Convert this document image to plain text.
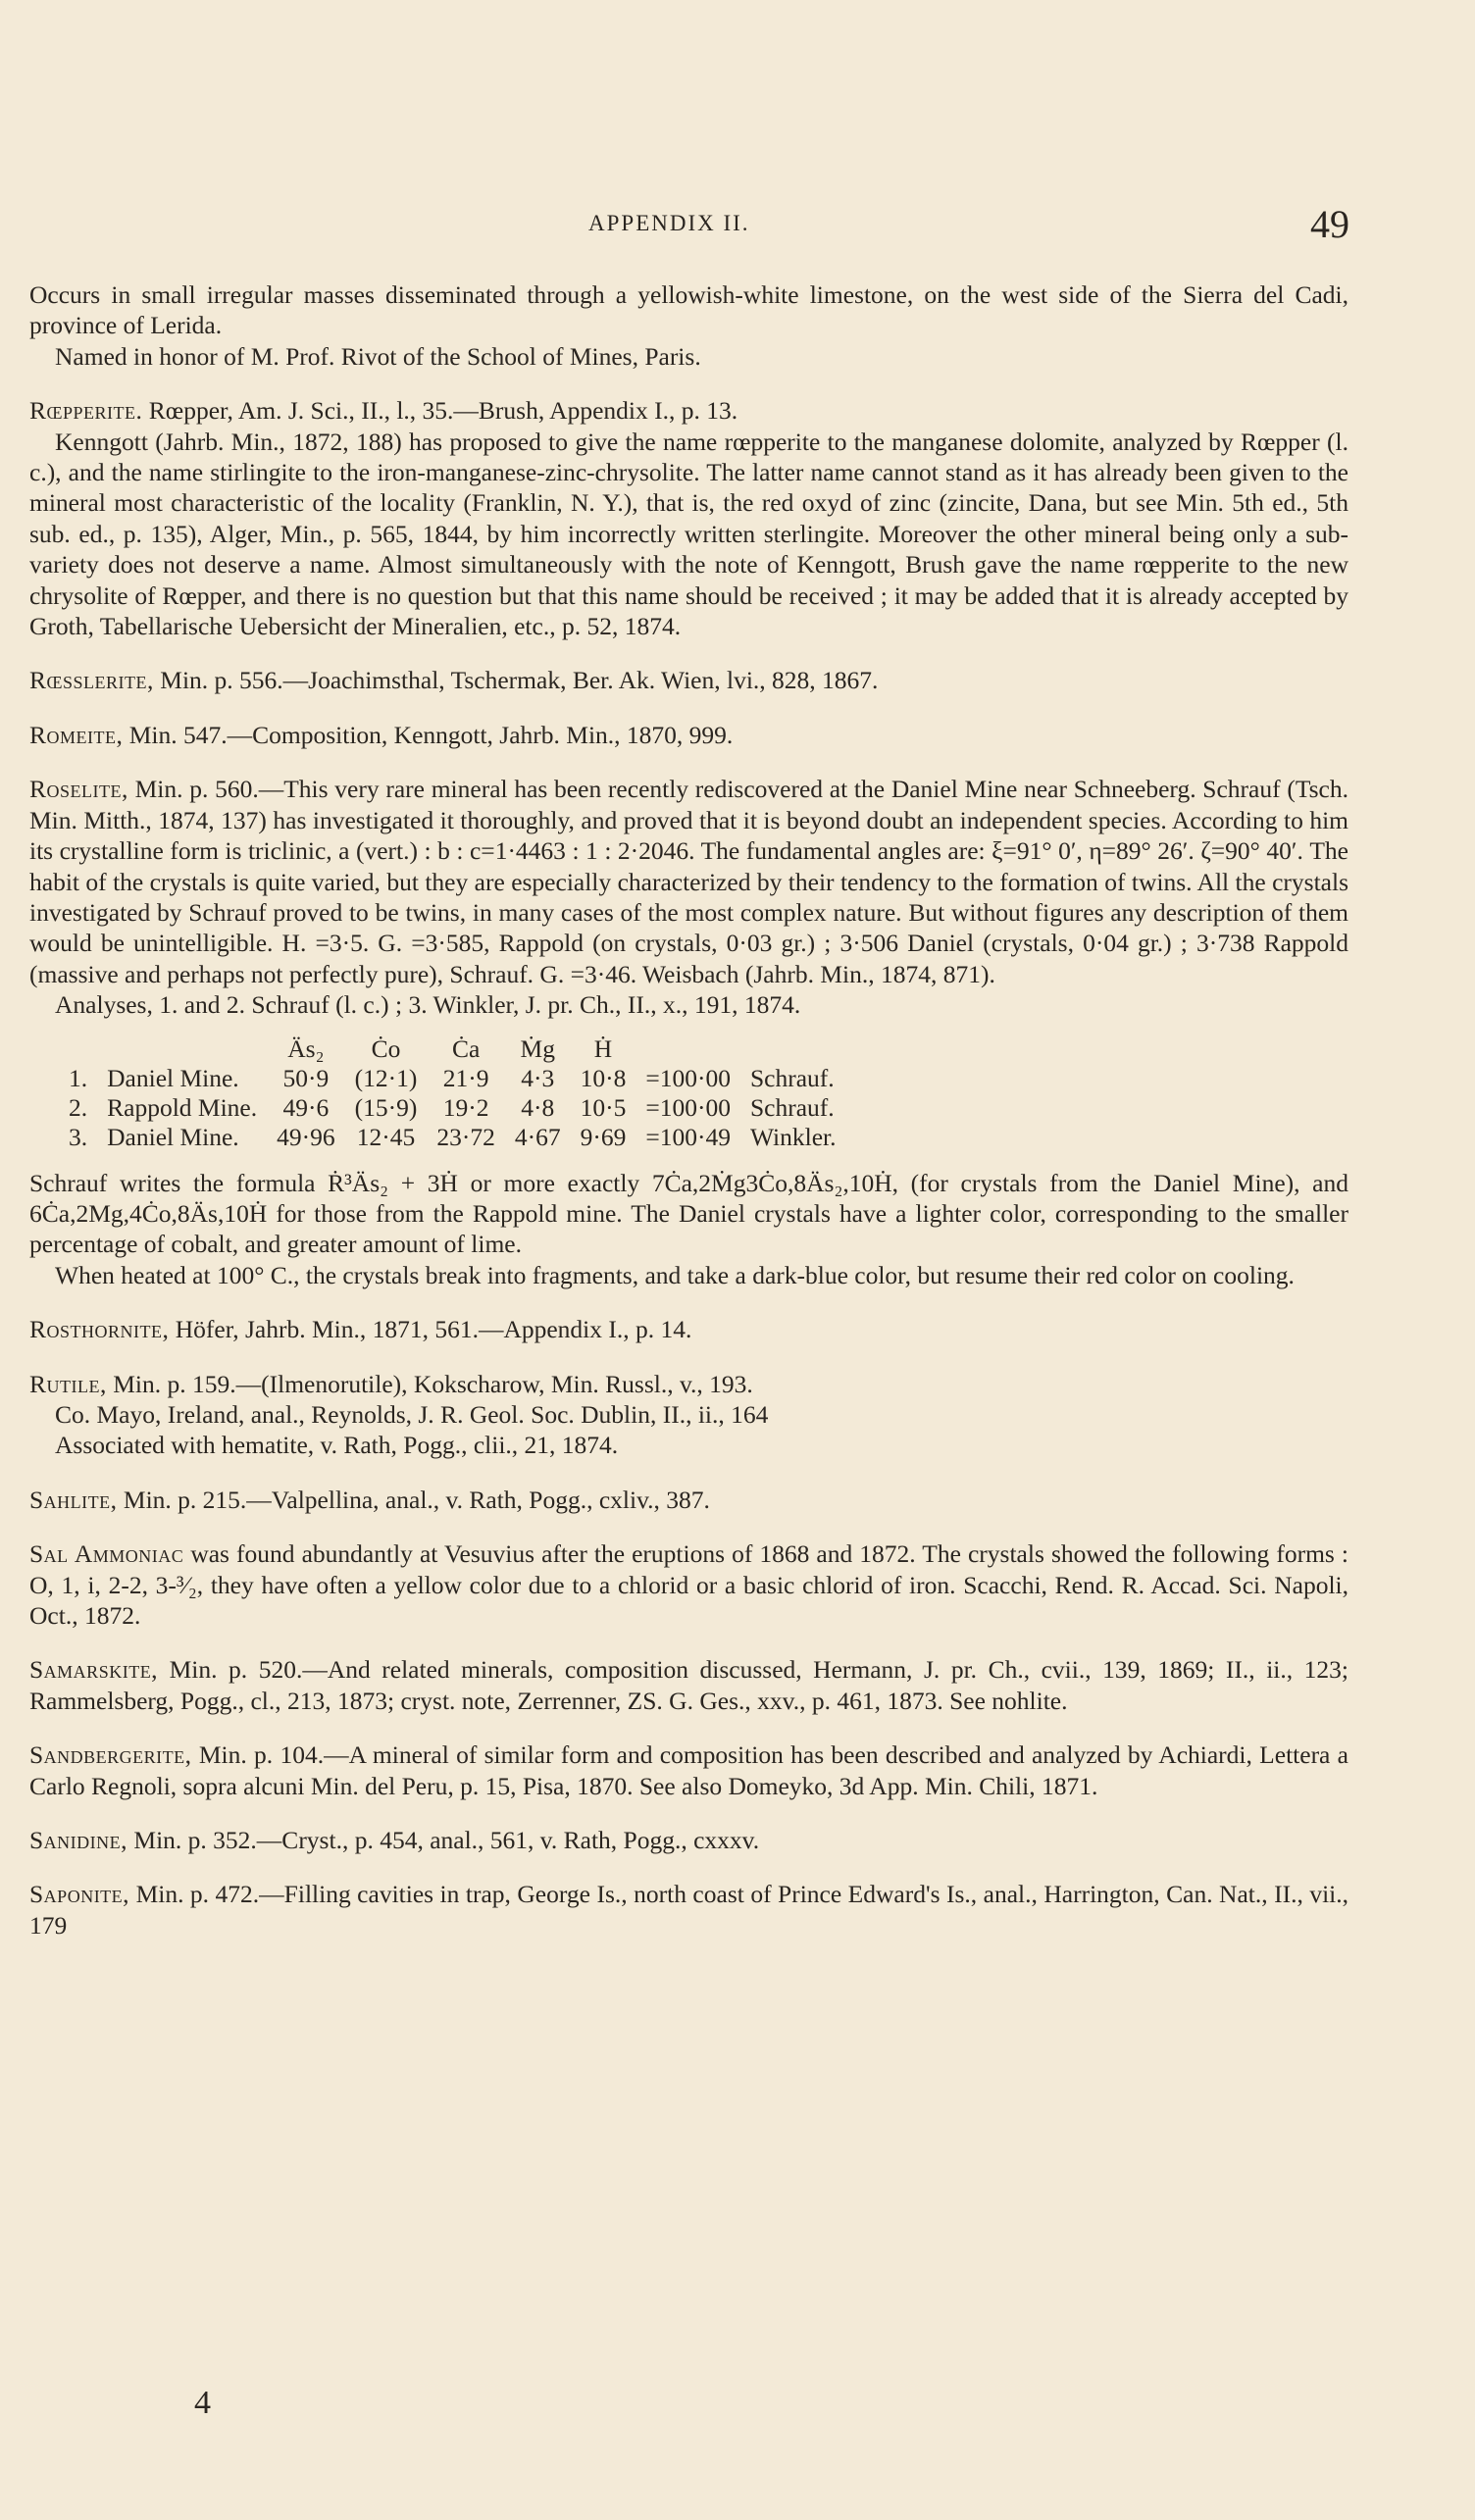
APPENDIX II.	49

Occurs in small irregular masses disseminated through a yellowish-white limestone, on the west side of the Sierra del Cadi, province of Lerida.

Named in honor of M. Prof. Rivot of the School of Mines, Paris.

Rœpperite. Rœpper, Am. J. Sci., II., l., 35.—Brush, Appendix I., p. 13.

Kenngott (Jahrb. Min., 1872, 188) has proposed to give the name rœpperite to the manganese dolomite, analyzed by Rœpper (l. c.), and the name stirlingite to the iron-manganese-zinc-chrysolite. The latter name cannot stand as it has already been given to the mineral most characteristic of the locality (Franklin, N. Y.), that is, the red oxyd of zinc (zincite, Dana, but see Min. 5th ed., 5th sub. ed., p. 135), Alger, Min., p. 565, 1844, by him incorrectly written sterlingite. Moreover the other mineral being only a sub-variety does not deserve a name. Almost simultaneously with the note of Kenngott, Brush gave the name rœpperite to the new chrysolite of Rœpper, and there is no question but that this name should be received ; it may be added that it is already accepted by Groth, Tabellarische Uebersicht der Mineralien, etc., p. 52, 1874.

Rœsslerite, Min. p. 556.—Joachimsthal, Tschermak, Ber. Ak. Wien, lvi., 828, 1867.

Romeite, Min. 547.—Composition, Kenngott, Jahrb. Min., 1870, 999.

Roselite, Min. p. 560.—This very rare mineral has been recently rediscovered at the Daniel Mine near Schneeberg. Schrauf (Tsch. Min. Mitth., 1874, 137) has investigated it thoroughly, and proved that it is beyond doubt an independent species. According to him its crystalline form is triclinic, a (vert.) : b : c=1·4463 : 1 : 2·2046. The fundamental angles are: ξ=91° 0′, η=89° 26′. ζ=90° 40′. The habit of the crystals is quite varied, but they are especially characterized by their tendency to the formation of twins. All the crystals investigated by Schrauf proved to be twins, in many cases of the most complex nature. But without figures any description of them would be unintelligible. H. =3·5. G. =3·585, Rappold (on crystals, 0·03 gr.) ; 3·506 Daniel (crystals, 0·04 gr.) ; 3·738 Rappold (massive and perhaps not perfectly pure), Schrauf. G. =3·46. Weisbach (Jahrb. Min., 1874, 871).

Analyses, 1. and 2. Schrauf (l. c.) ; 3. Winkler, J. pr. Ch., II., x., 191, 1874.

		Äs₂	Ċo	Ċa	Ṁg	Ḣ		
1.	Daniel Mine.	50·9	(12·1)	21·9	4·3	10·8	=100·00	Schrauf.
2.	Rappold Mine.	49·6	(15·9)	19·2	4·8	10·5	=100·00	Schrauf.
3.	Daniel Mine.	49·96	12·45	23·72	4·67	9·69	=100·49	Winkler.

Schrauf writes the formula Ṙ³Äs₂ + 3Ḣ or more exactly 7Ċa,2Ṁg3Ċo,8Äs₂,10Ḣ, (for crystals from the Daniel Mine), and 6Ċa,2Mg,4Ċo,8Äs,10Ḣ for those from the Rappold mine. The Daniel crystals have a lighter color, corresponding to the smaller percentage of cobalt, and greater amount of lime.

When heated at 100° C., the crystals break into fragments, and take a dark-blue color, but resume their red color on cooling.

Rosthornite, Höfer, Jahrb. Min., 1871, 561.—Appendix I., p. 14.

Rutile, Min. p. 159.—(Ilmenorutile), Kokscharow, Min. Russl., v., 193.

Co. Mayo, Ireland, anal., Reynolds, J. R. Geol. Soc. Dublin, II., ii., 164

Associated with hematite, v. Rath, Pogg., clii., 21, 1874.

Sahlite, Min. p. 215.—Valpellina, anal., v. Rath, Pogg., cxliv., 387.

Sal Ammoniac was found abundantly at Vesuvius after the eruptions of 1868 and 1872. The crystals showed the following forms : O, 1, i, 2-2, 3-³⁄₂, they have often a yellow color due to a chlorid or a basic chlorid of iron. Scacchi, Rend. R. Accad. Sci. Napoli, Oct., 1872.

Samarskite, Min. p. 520.—And related minerals, composition discussed, Hermann, J. pr. Ch., cvii., 139, 1869; II., ii., 123; Rammelsberg, Pogg., cl., 213, 1873; cryst. note, Zerrenner, ZS. G. Ges., xxv., p. 461, 1873. See nohlite.

Sandbergerite, Min. p. 104.—A mineral of similar form and composition has been described and analyzed by Achiardi, Lettera a Carlo Regnoli, sopra alcuni Min. del Peru, p. 15, Pisa, 1870. See also Domeyko, 3d App. Min. Chili, 1871.

Sanidine, Min. p. 352.—Cryst., p. 454, anal., 561, v. Rath, Pogg., cxxxv.

Saponite, Min. p. 472.—Filling cavities in trap, George Is., north coast of Prince Edward's Is., anal., Harrington, Can. Nat., II., vii., 179

4
